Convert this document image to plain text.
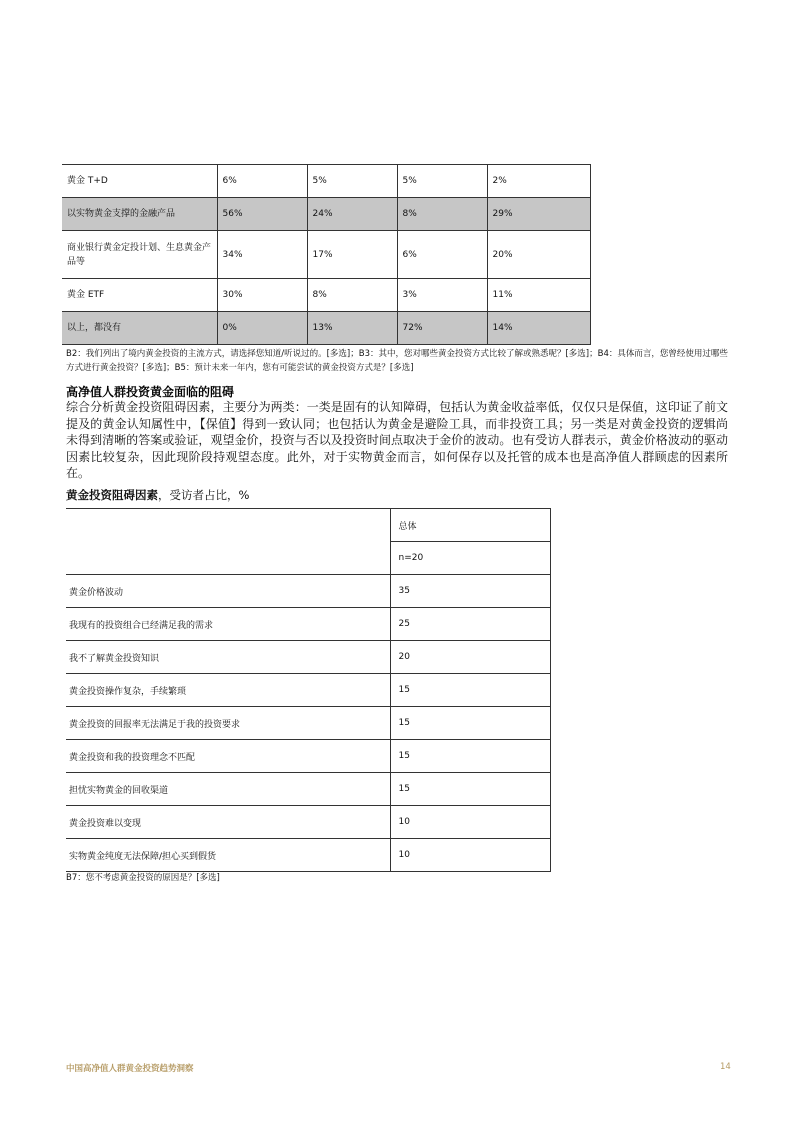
黄金 T+D	6%	5%	5%	2%
以实物黄金支撑的金融产品	56%	24%	8%	29%
商业银行黄金定投计划、生息黄金产品等	34%	17%	6%	20%
黄金 ETF	30%	8%	3%	11%
以上，都没有	0%	13%	72%	14%
B2：我们列出了境内黄金投资的主流方式，请选择您知道/听说过的。[多选]；B3：其中，您对哪些黄金投资方式比较了解或熟悉呢？[多选]；B4：具体而言，您曾经使用过哪些方式进行黄金投资？[多选]；B5：预计未来一年内，您有可能尝试的黄金投资方式是？[多选]
高净值人群投资黄金面临的阻碍

综合分析黄金投资阻碍因素，主要分为两类：一类是固有的认知障碍，包括认为黄金收益率低，仅仅只是保值，这印证了前文提及的黄金认知属性中，【保值】得到一致认同；也包括认为黄金是避险工具，而非投资工具；另一类是对黄金投资的逻辑尚未得到清晰的答案或验证，观望金价，投资与否以及投资时间点取决于金价的波动。也有受访人群表示，黄金价格波动的驱动因素比较复杂，因此现阶段持观望态度。此外，对于实物黄金而言，如何保存以及托管的成本也是高净值人群顾虑的因素所在。

黄金投资阻碍因素，受访者占比，%
	总体
	n=20
黄金价格波动	35
我现有的投资组合已经满足我的需求	25
我不了解黄金投资知识	20
黄金投资操作复杂，手续繁琐	15
黄金投资的回报率无法满足于我的投资要求	15
黄金投资和我的投资理念不匹配	15
担忧实物黄金的回收渠道	15
黄金投资难以变现	10
实物黄金纯度无法保障/担心买到假货	10
B7：您不考虑黄金投资的原因是？[多选]
中国高净值人群黄金投资趋势洞察	14
